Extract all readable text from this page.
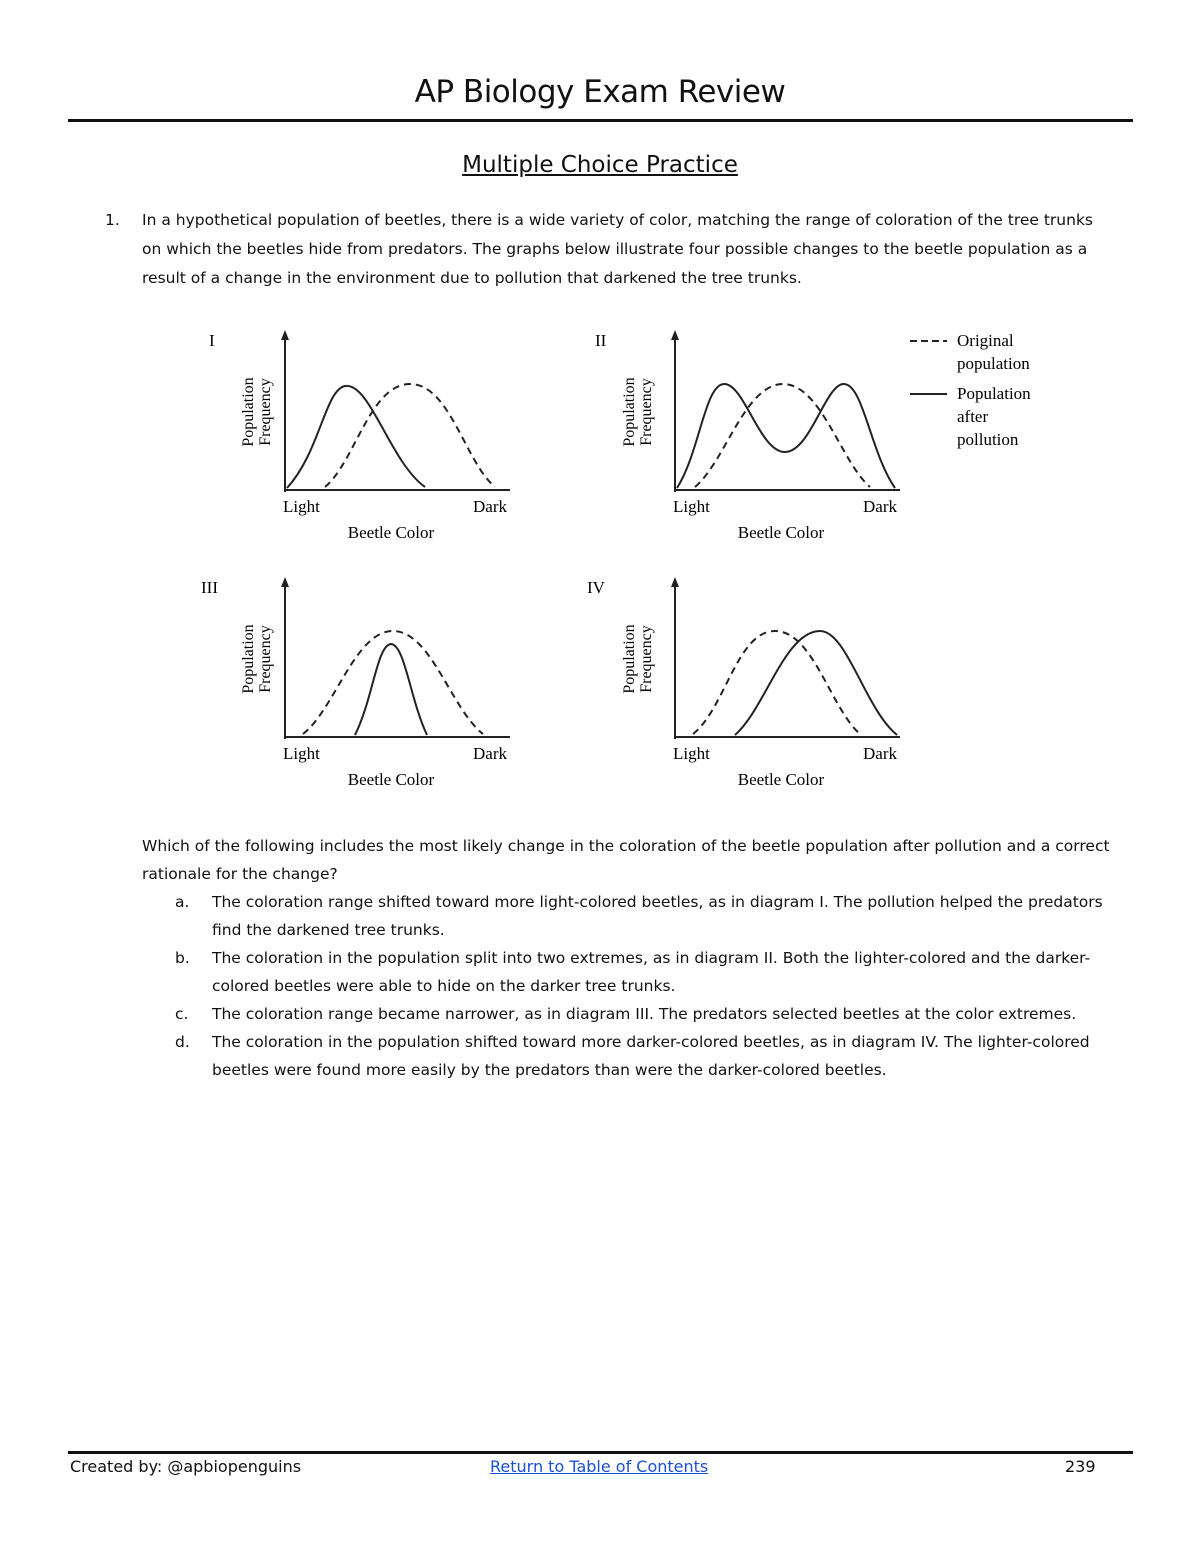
AP Biology Exam Review
Multiple Choice Practice
1. In a hypothetical population of beetles, there is a wide variety of color, matching the range of coloration of the tree trunks on which the beetles hide from predators. The graphs below illustrate four possible changes to the beetle population as a result of a change in the environment due to pollution that darkened the tree trunks.
I
Population Frequency
Light	Dark
Beetle Color
II
Population Frequency
Light	Dark
Beetle Color
Original
population
Population
after
pollution
III
Population Frequency
Light	Dark
Beetle Color
IV
Population Frequency
Light	Dark
Beetle Color
Which of the following includes the most likely change in the coloration of the beetle population after pollution and a correct rationale for the change?
a. The coloration range shifted toward more light-colored beetles, as in diagram I. The pollution helped the predators find the darkened tree trunks.
b. The coloration in the population split into two extremes, as in diagram II. Both the lighter-colored and the darker-colored beetles were able to hide on the darker tree trunks.
c. The coloration range became narrower, as in diagram III. The predators selected beetles at the color extremes.
d. The coloration in the population shifted toward more darker-colored beetles, as in diagram IV. The lighter-colored beetles were found more easily by the predators than were the darker-colored beetles.
Created by: @apbiopenguins	Return to Table of Contents	239
